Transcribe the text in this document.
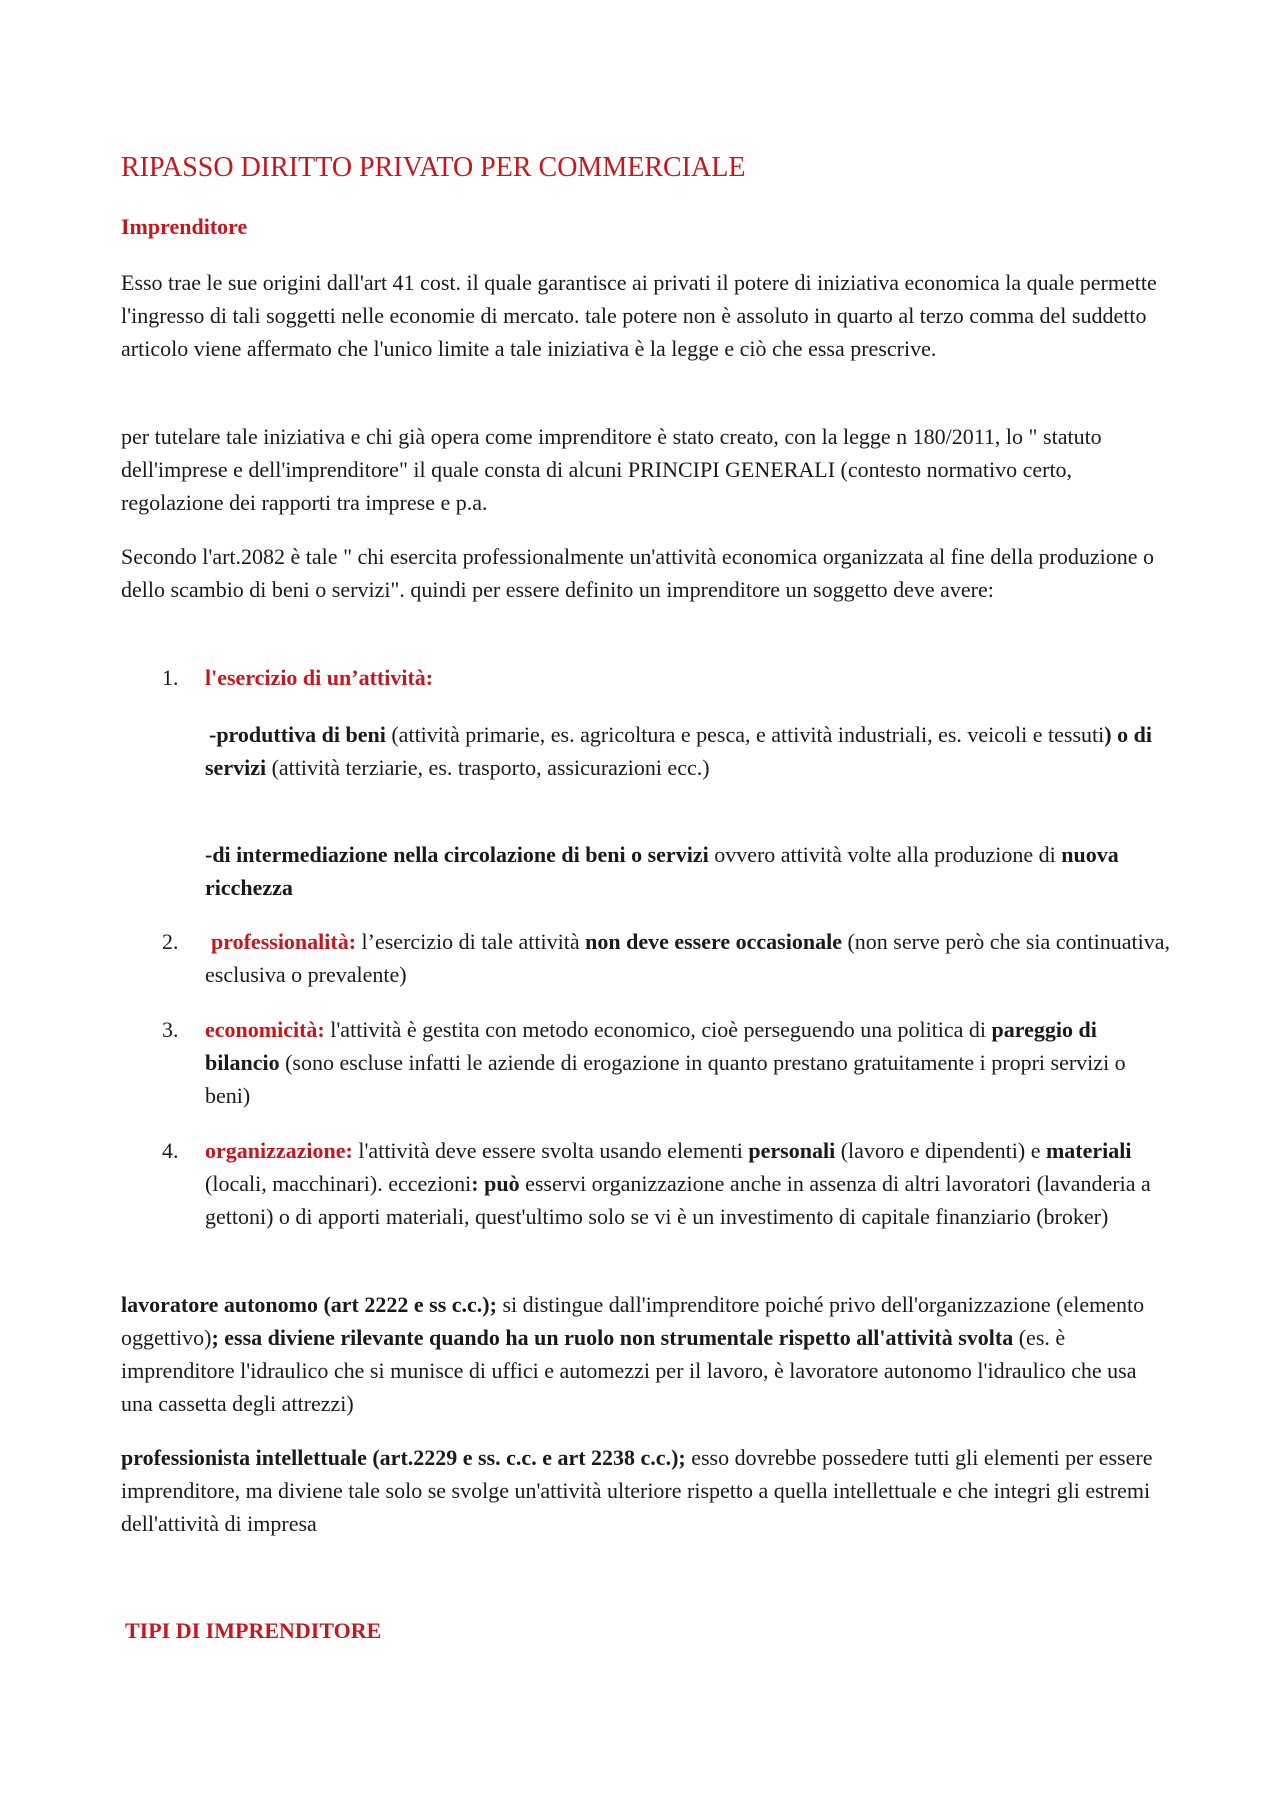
RIPASSO DIRITTO PRIVATO PER COMMERCIALE
Imprenditore

Esso trae le sue origini dall'art 41 cost. il quale garantisce ai privati il potere di iniziativa economica la quale permette l'ingresso di tali soggetti nelle economie di mercato. tale potere non è assoluto in quarto al terzo comma del suddetto articolo viene affermato che l'unico limite a tale iniziativa è la legge e ciò che essa prescrive.

per tutelare tale iniziativa e chi già opera come imprenditore è stato creato, con la legge n 180/2011, lo " statuto dell'imprese e dell'imprenditore" il quale consta di alcuni PRINCIPI GENERALI (contesto normativo certo, regolazione dei rapporti tra imprese e p.a.

Secondo l'art.2082 è tale " chi esercita professionalmente un'attività economica organizzata al fine della produzione o dello scambio di beni o servizi". quindi per essere definito un imprenditore un soggetto deve avere:

1. l'esercizio di un’attività:

-produttiva di beni (attività primarie, es. agricoltura e pesca, e attività industriali, es. veicoli e tessuti) o di servizi (attività terziarie, es. trasporto, assicurazioni ecc.)

-di intermediazione nella circolazione di beni o servizi ovvero attività volte alla produzione di nuova ricchezza

2. professionalità: l’esercizio di tale attività non deve essere occasionale (non serve però che sia continuativa, esclusiva o prevalente)

3. economicità: l'attività è gestita con metodo economico, cioè perseguendo una politica di pareggio di bilancio (sono escluse infatti le aziende di erogazione in quanto prestano gratuitamente i propri servizi o beni)

4. organizzazione: l'attività deve essere svolta usando elementi personali (lavoro e dipendenti) e materiali (locali, macchinari). eccezioni: può esservi organizzazione anche in assenza di altri lavoratori (lavanderia a gettoni) o di apporti materiali, quest'ultimo solo se vi è un investimento di capitale finanziario (broker)

lavoratore autonomo (art 2222 e ss c.c.); si distingue dall'imprenditore poiché privo dell'organizzazione (elemento oggettivo); essa diviene rilevante quando ha un ruolo non strumentale rispetto all'attività svolta (es. è imprenditore l'idraulico che si munisce di uffici e automezzi per il lavoro, è lavoratore autonomo l'idraulico che usa una cassetta degli attrezzi)

professionista intellettuale (art.2229 e ss. c.c. e art 2238 c.c.); esso dovrebbe possedere tutti gli elementi per essere imprenditore, ma diviene tale solo se svolge un'attività ulteriore rispetto a quella intellettuale e che integri gli estremi dell'attività di impresa

TIPI DI IMPRENDITORE
